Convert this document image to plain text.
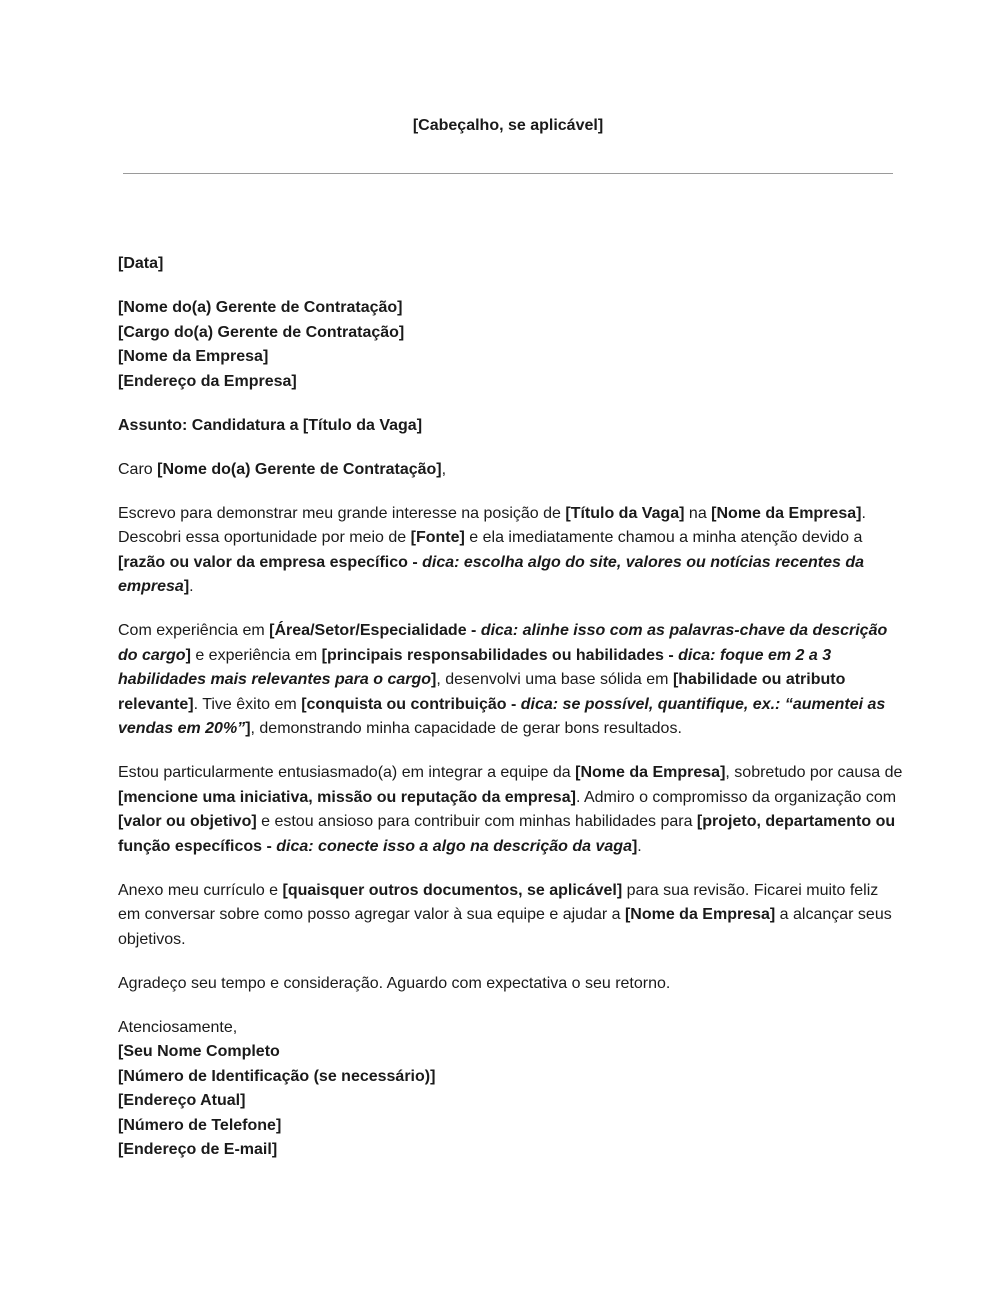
[Cabeçalho, se aplicável]

[Data]

[Nome do(a) Gerente de Contratação]
[Cargo do(a) Gerente de Contratação]
[Nome da Empresa]
[Endereço da Empresa]

Assunto: Candidatura a [Título da Vaga]

Caro [Nome do(a) Gerente de Contratação],

Escrevo para demonstrar meu grande interesse na posição de [Título da Vaga] na [Nome da Empresa]. Descobri essa oportunidade por meio de [Fonte] e ela imediatamente chamou a minha atenção devido a [razão ou valor da empresa específico - dica: escolha algo do site, valores ou notícias recentes da empresa].

Com experiência em [Área/Setor/Especialidade - dica: alinhe isso com as palavras-chave da descrição do cargo] e experiência em [principais responsabilidades ou habilidades - dica: foque em 2 a 3 habilidades mais relevantes para o cargo], desenvolvi uma base sólida em [habilidade ou atributo relevante]. Tive êxito em [conquista ou contribuição - dica: se possível, quantifique, ex.: “aumentei as vendas em 20%”], demonstrando minha capacidade de gerar bons resultados.

Estou particularmente entusiasmado(a) em integrar a equipe da [Nome da Empresa], sobretudo por causa de [mencione uma iniciativa, missão ou reputação da empresa]. Admiro o compromisso da organização com [valor ou objetivo] e estou ansioso para contribuir com minhas habilidades para [projeto, departamento ou função específicos - dica: conecte isso a algo na descrição da vaga].

Anexo meu currículo e [quaisquer outros documentos, se aplicável] para sua revisão. Ficarei muito feliz em conversar sobre como posso agregar valor à sua equipe e ajudar a [Nome da Empresa] a alcançar seus objetivos.

Agradeço seu tempo e consideração. Aguardo com expectativa o seu retorno.

Atenciosamente,
[Seu Nome Completo
[Número de Identificação (se necessário)]
[Endereço Atual]
[Número de Telefone]
[Endereço de E-mail]
